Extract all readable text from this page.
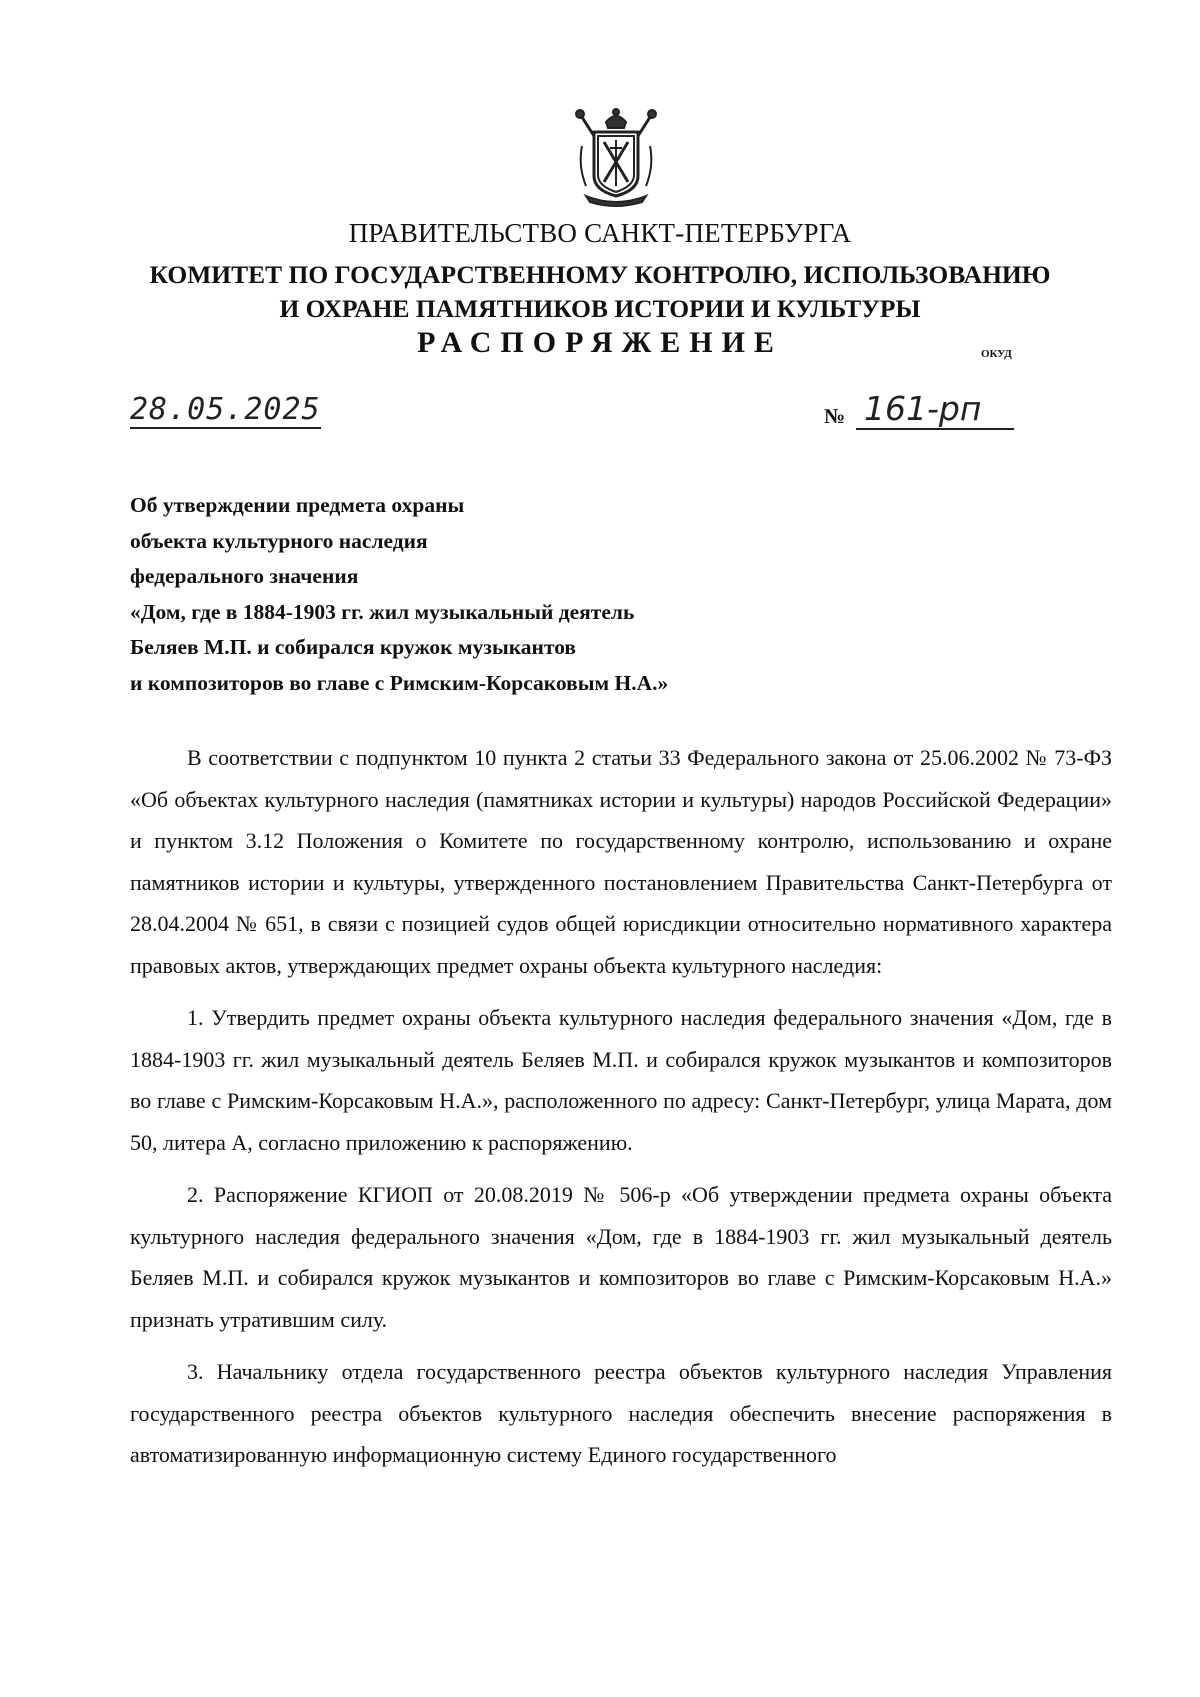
ПРАВИТЕЛЬСТВО САНКТ-ПЕТЕРБУРГА
КОМИТЕТ ПО ГОСУДАРСТВЕННОМУ КОНТРОЛЮ, ИСПОЛЬЗОВАНИЮ
И ОХРАНЕ ПАМЯТНИКОВ ИСТОРИИ И КУЛЬТУРЫ
РАСПОРЯЖЕНИЕ	ОКУД
28.05.2025	№ 161-рп
Об утверждении предмета охраны
объекта культурного наследия
федерального значения
«Дом, где в 1884-1903 гг. жил музыкальный деятель
Беляев М.П. и собирался кружок музыкантов
и композиторов во главе с Римским-Корсаковым Н.А.»

В соответствии с подпунктом 10 пункта 2 статьи 33 Федерального закона от 25.06.2002 № 73-ФЗ «Об объектах культурного наследия (памятниках истории и культуры) народов Российской Федерации» и пунктом 3.12 Положения о Комитете по государственному контролю, использованию и охране памятников истории и культуры, утвержденного постановлением Правительства Санкт-Петербурга от 28.04.2004 № 651, в связи с позицией судов общей юрисдикции относительно нормативного характера правовых актов, утверждающих предмет охраны объекта культурного наследия:

1. Утвердить предмет охраны объекта культурного наследия федерального значения «Дом, где в 1884-1903 гг. жил музыкальный деятель Беляев М.П. и собирался кружок музыкантов и композиторов во главе с Римским-Корсаковым Н.А.», расположенного по адресу: Санкт-Петербург, улица Марата, дом 50, литера А, согласно приложению к распоряжению.

2. Распоряжение КГИОП от 20.08.2019 № 506-р «Об утверждении предмета охраны объекта культурного наследия федерального значения «Дом, где в 1884-1903 гг. жил музыкальный деятель Беляев М.П. и собирался кружок музыкантов и композиторов во главе с Римским-Корсаковым Н.А.» признать утратившим силу.

3. Начальнику отдела государственного реестра объектов культурного наследия Управления государственного реестра объектов культурного наследия обеспечить внесение распоряжения в автоматизированную информационную систему Единого государственного
